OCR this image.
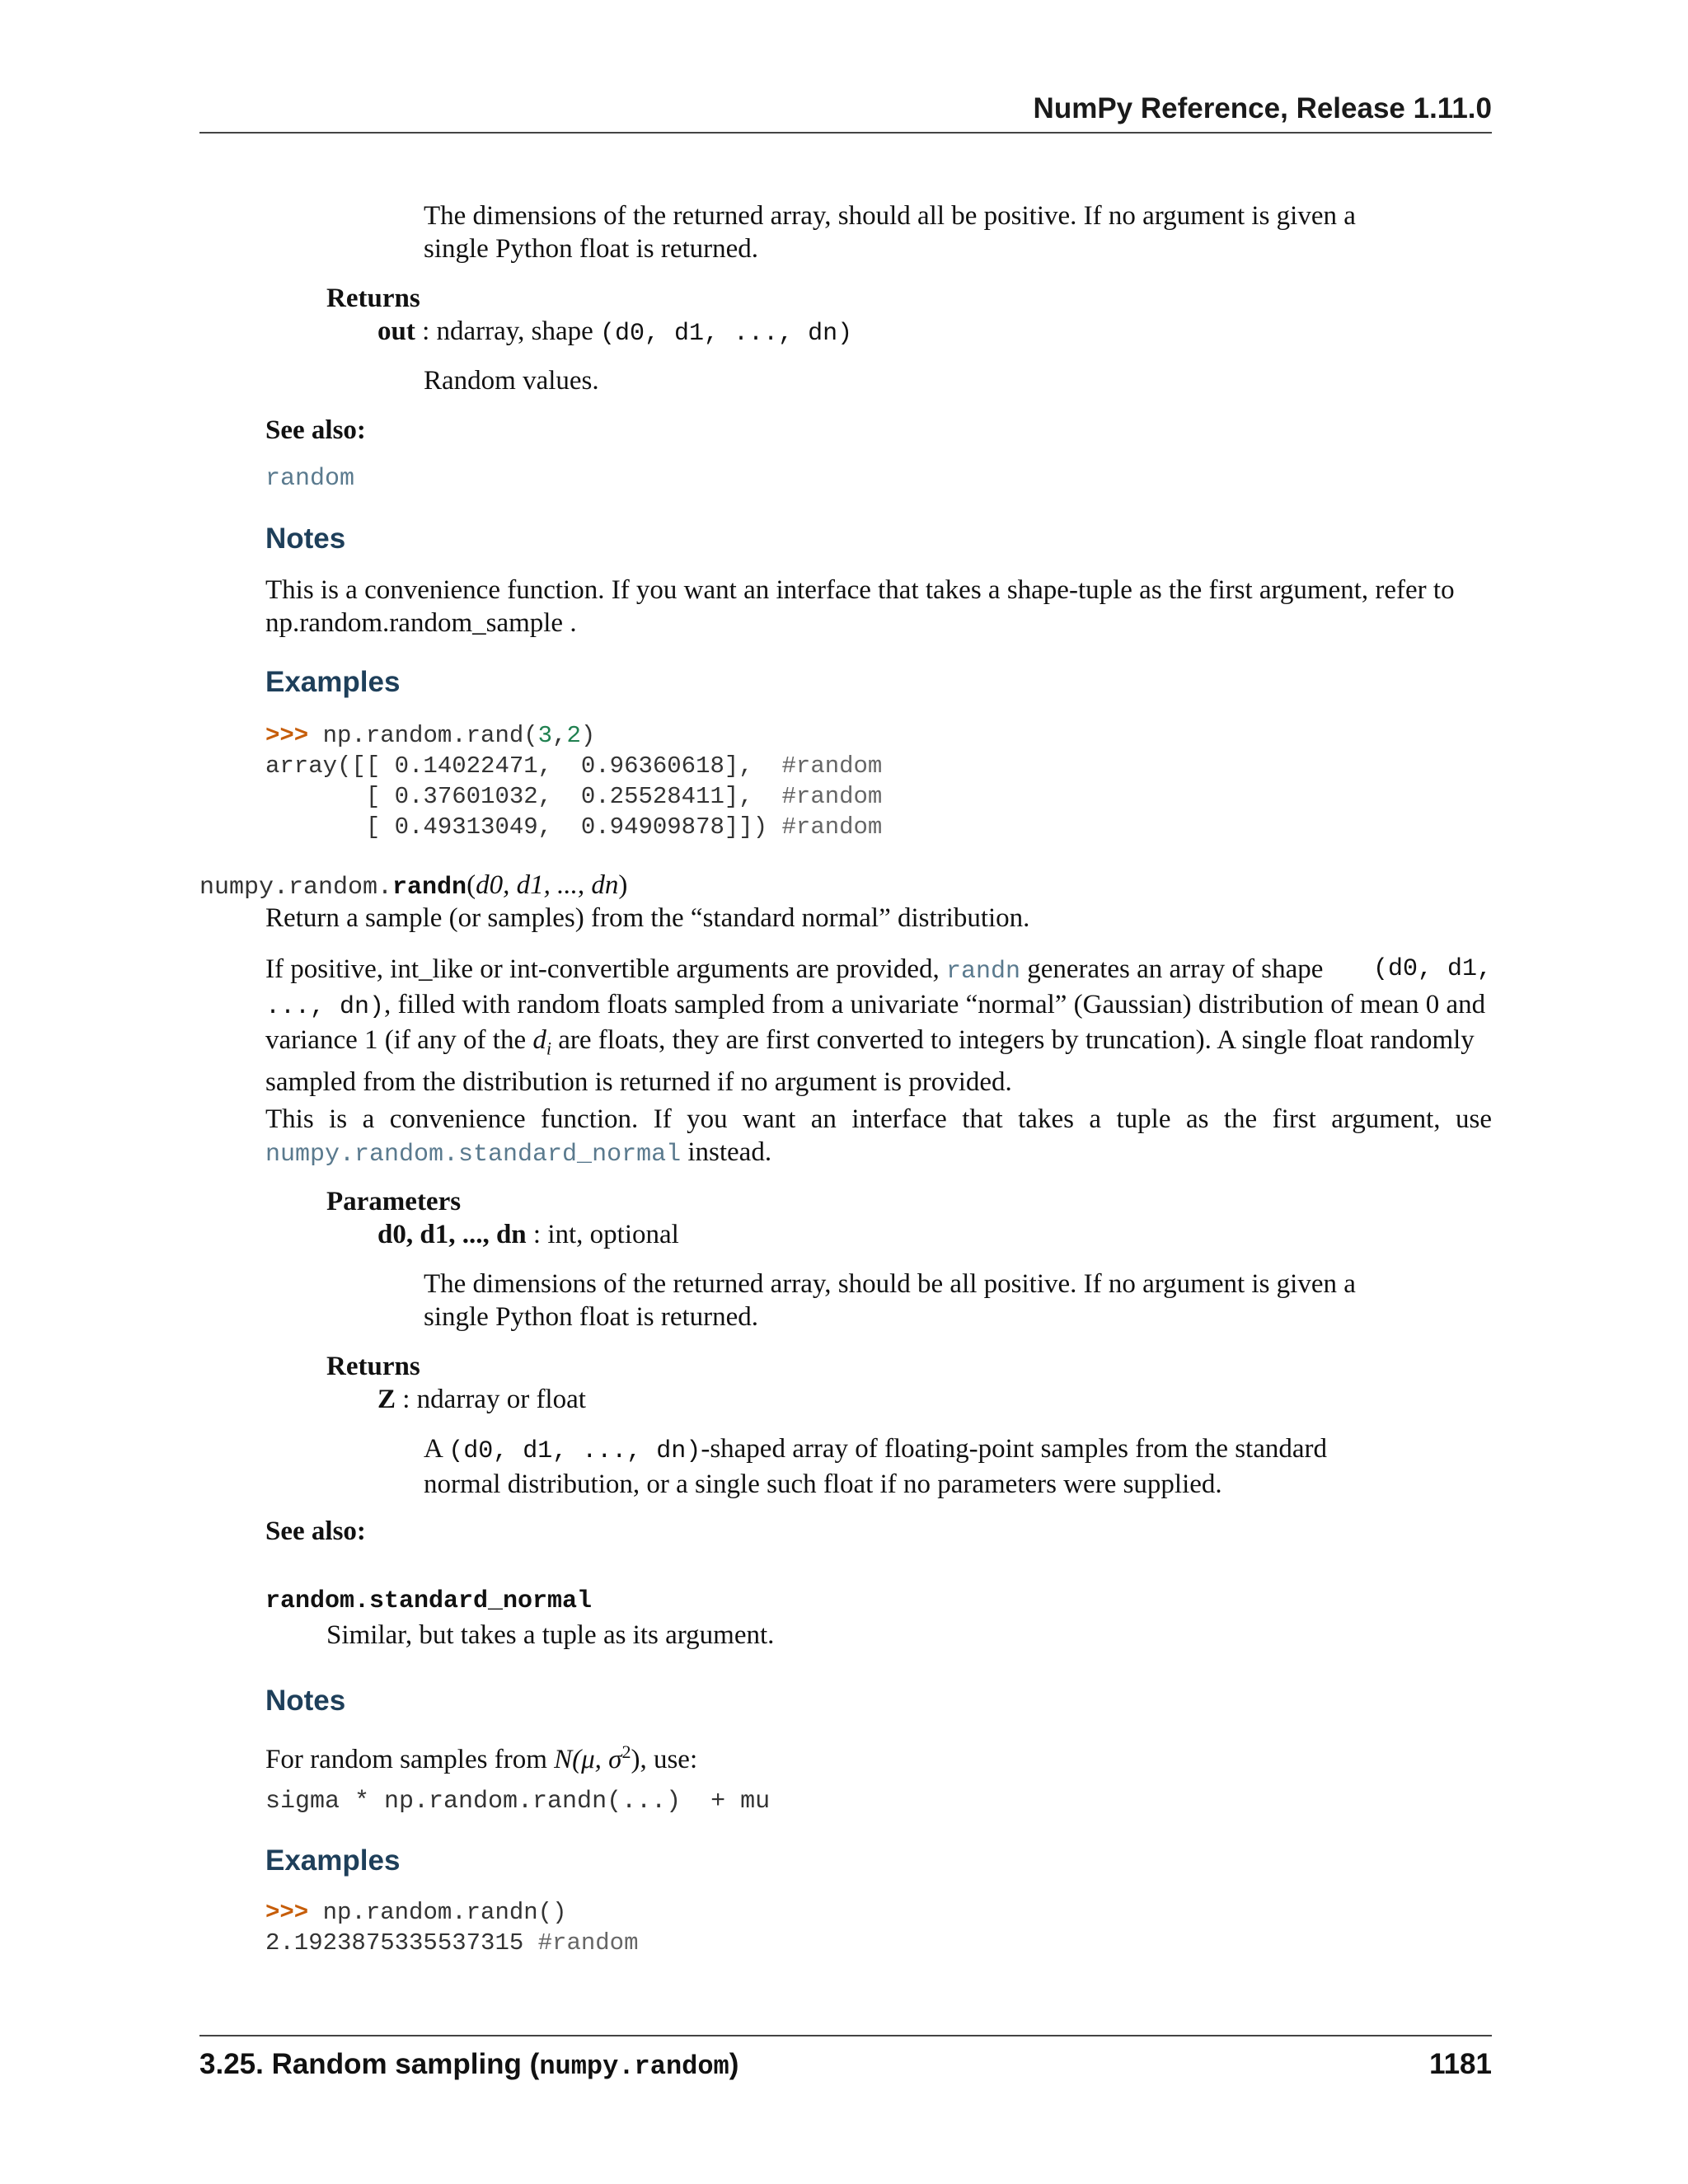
NumPy Reference, Release 1.11.0
The dimensions of the returned array, should all be positive. If no argument is given a
single Python float is returned.
Returns
out : ndarray, shape (d0, d1, ..., dn)
Random values.
See also:
random
Notes
This is a convenience function. If you want an interface that takes a shape-tuple as the first argument, refer to
np.random.random_sample .
Examples
>>> np.random.rand(3,2)
array([[ 0.14022471,  0.96360618],  #random
[ 0.37601032,  0.25528411],  #random
[ 0.49313049,  0.94909878]]) #random
numpy.random.randn(d0, d1, ..., dn)
Return a sample (or samples) from the “standard normal” distribution.
If positive, int_like or int-convertible arguments are provided, randn generates an array of shape (d0, d1,
..., dn), filled with random floats sampled from a univariate “normal” (Gaussian) distribution of mean 0 and
variance 1 (if any of the $d_i$ are floats, they are first converted to integers by truncation). A single float randomly
sampled from the distribution is returned if no argument is provided.
This is a convenience function. If you want an interface that takes a tuple as the first argument, use
numpy.random.standard_normal instead.
Parameters
d0, d1, ..., dn : int, optional
The dimensions of the returned array, should be all positive. If no argument is given a
single Python float is returned.
Returns
Z : ndarray or float
A (d0, d1, ..., dn)-shaped array of floating-point samples from the standard
normal distribution, or a single such float if no parameters were supplied.
See also:
random.standard_normal
Similar, but takes a tuple as its argument.
Notes
For random samples from N(μ, $\sigma^2$), use:
sigma * np.random.randn(...)  + mu
Examples
>>> np.random.randn()
2.1923875335537315 #random
3.25. Random sampling (numpy.random)	1181
